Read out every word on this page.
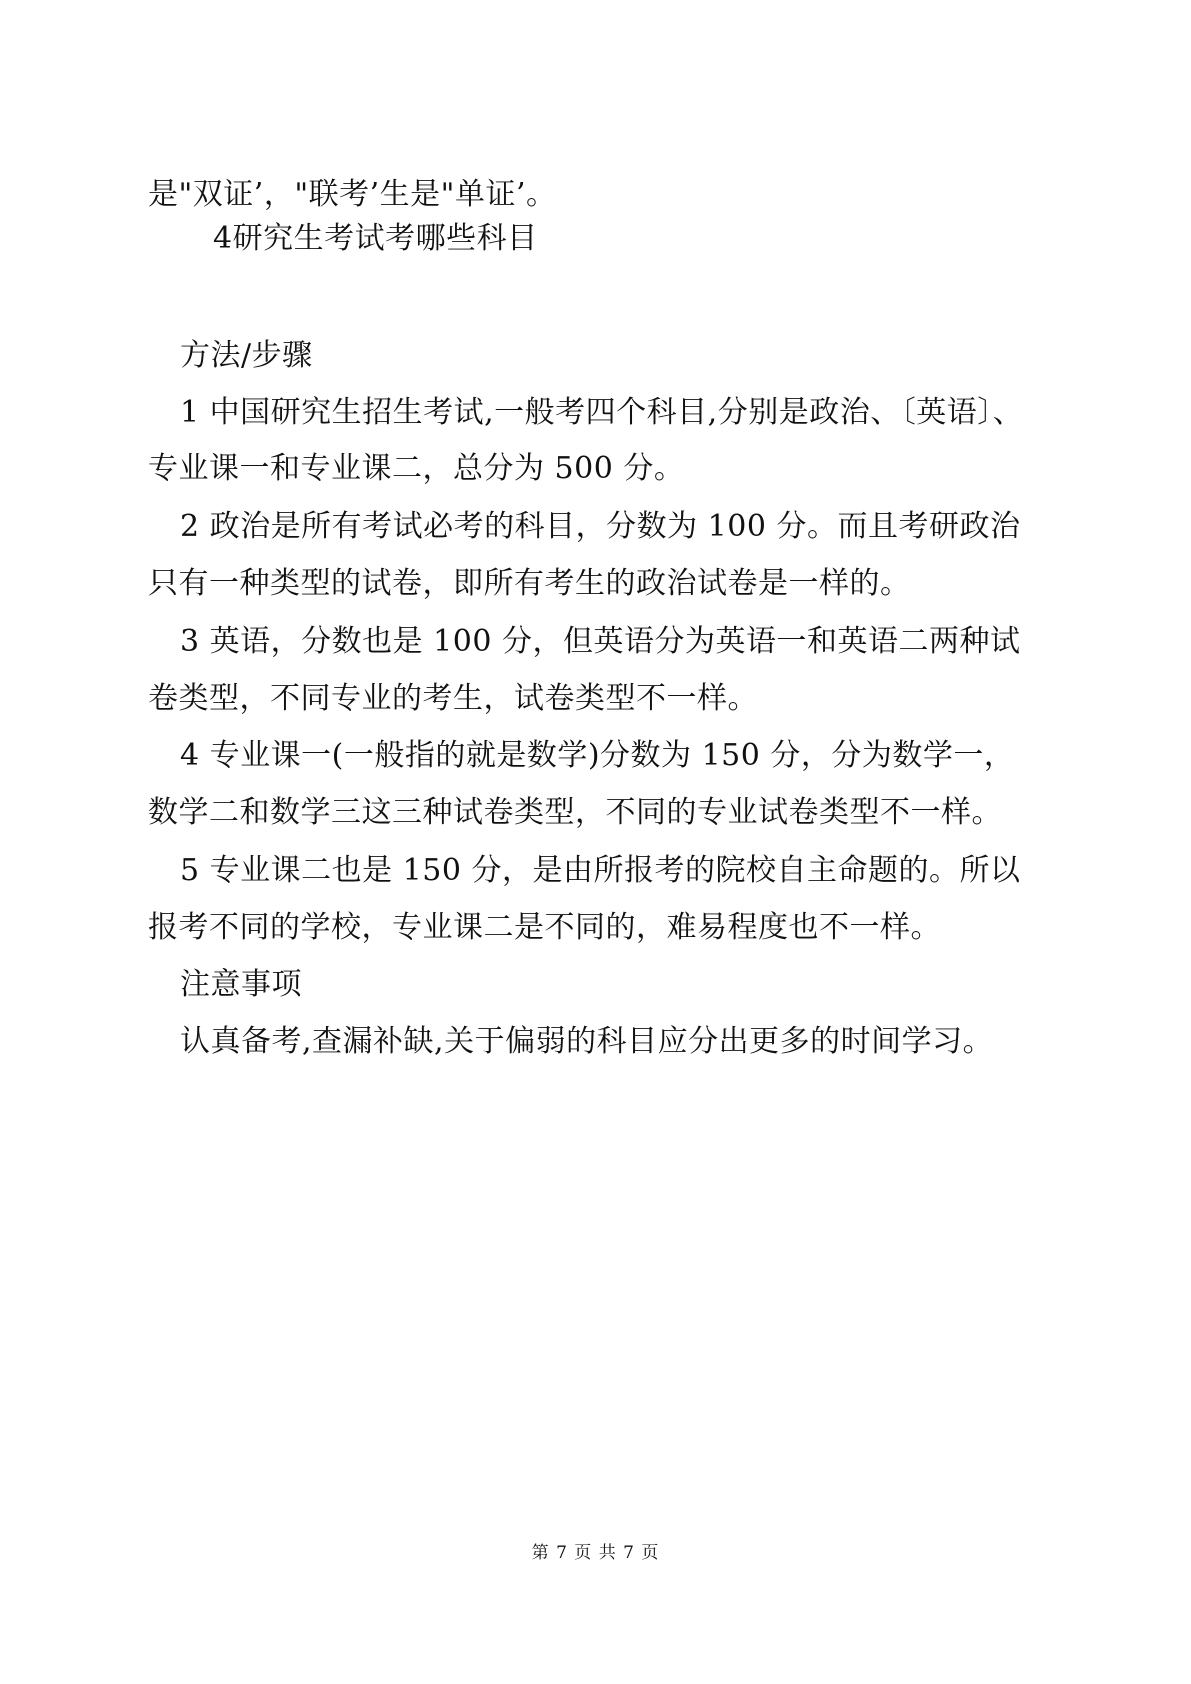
是"双证’，"联考’生是"单证’。
4研究生考试考哪些科目
方法/步骤
1 中国研究生招生考试,一般考四个科目,分别是政治、〔英语〕、
专业课一和专业课二，总分为 500 分。
2 政治是所有考试必考的科目，分数为 100 分。而且考研政治
只有一种类型的试卷，即所有考生的政治试卷是一样的。
3 英语，分数也是 100 分，但英语分为英语一和英语二两种试
卷类型，不同专业的考生，试卷类型不一样。
4 专业课一(一般指的就是数学)分数为 150 分，分为数学一，
数学二和数学三这三种试卷类型，不同的专业试卷类型不一样。
5 专业课二也是 150 分，是由所报考的院校自主命题的。所以
报考不同的学校，专业课二是不同的，难易程度也不一样。
注意事项
认真备考,查漏补缺,关于偏弱的科目应分出更多的时间学习。
第 7 页 共 7 页
